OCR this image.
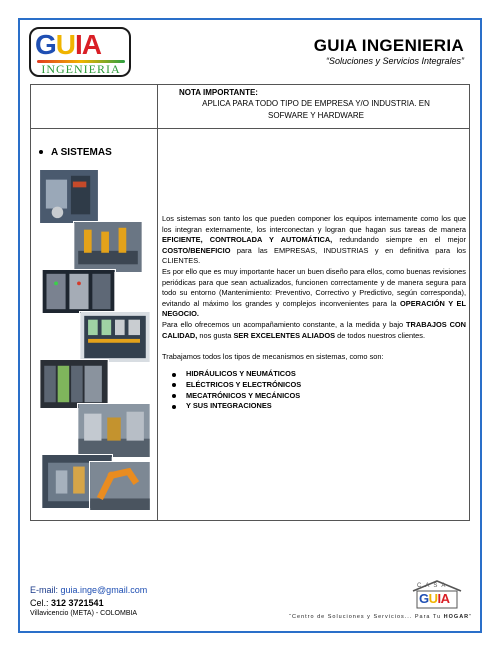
GUIA
INGENIERIA
GUIA INGENIERIA
“Soluciones y Servicios Integrales”
NOTA IMPORTANTE:
APLICA PARA TODO TIPO DE EMPRESA Y/O INDUSTRIA. EN SOFWARE Y HARDWARE
A SISTEMAS

Los sistemas son tanto los que pueden componer los equipos internamente como los que los integran externamente, los interconectan y logran que hagan sus tareas de manera EFICIENTE, CONTROLADA Y AUTOMÁTICA, redundando siempre en el mejor COSTO/BENEFICIO para las EMPRESAS, INDUSTRIAS y en definitiva para los CLIENTES.

Es por ello que es muy importante hacer un buen diseño para ellos, como buenas revisiones periódicas para que sean actualizados, funcionen correctamente y de manera segura para todo su entorno (Mantenimiento: Preventivo, Correctivo y Predictivo, según corresponda), evitando al máximo los grandes y complejos inconvenientes para la OPERACIÓN Y EL NEGOCIO.

Para ello ofrecemos un acompañamiento constante, a la medida y bajo TRABAJOS CON CALIDAD, nos gusta SER EXCELENTES ALIADOS de todos nuestros clientes.

Trabajamos todos los tipos de mecanismos en sistemas, como son:

HIDRÁULICOS Y NEUMÁTICOS
ELÉCTRICOS Y ELECTRÓNICOS
MECATRÓNICOS Y MECÁNICOS
Y SUS INTEGRACIONES
E-mail: guia.inge@gmail.com
Cel.: 312 3721541
Villavicencio (META) - COLOMBIA
CASA
GUIA
“Centro de Soluciones y Servicios... Para Tu HOGAR”
